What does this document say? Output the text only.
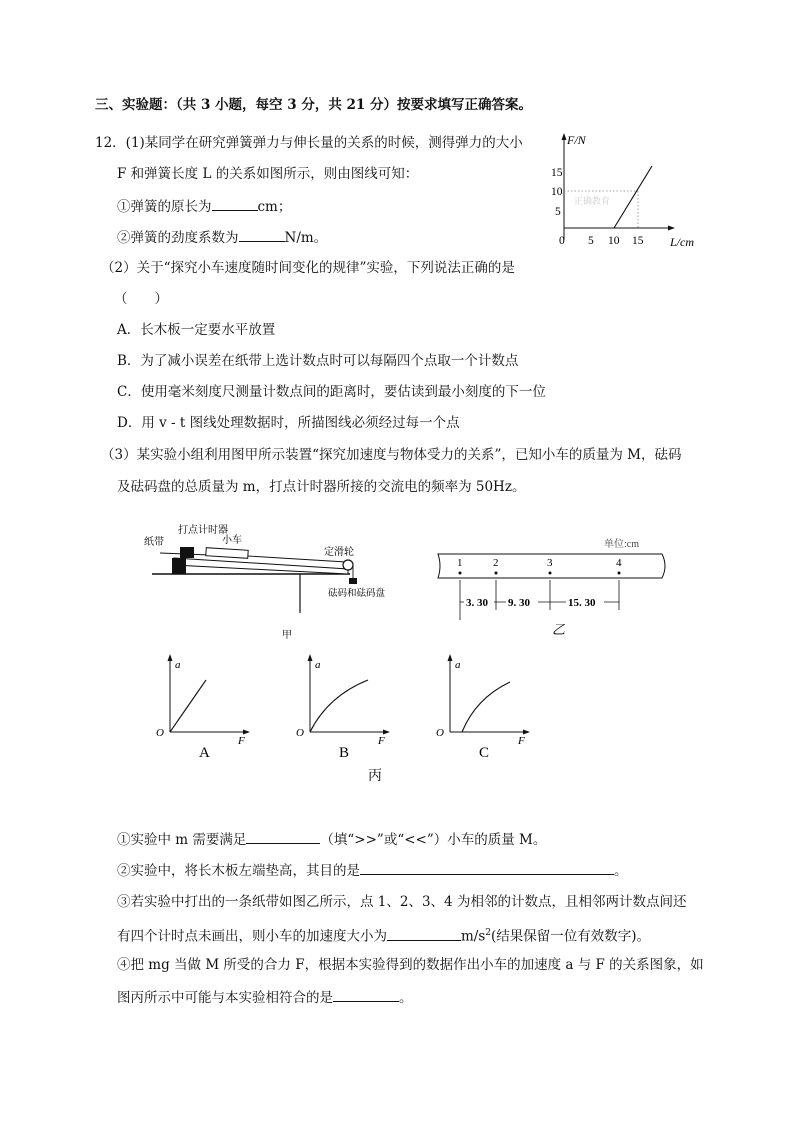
三、实验题：（共 3 小题，每空 3 分，共 21 分）按要求填写正确答案。
12．(1)某同学在研究弹簧弹力与伸长量的关系的时候，测得弹力的大小
F 和弹簧长度 L 的关系如图所示，则由图线可知：
①弹簧的原长为	cm；
②弹簧的劲度系数为	N/m。
F/N
L/cm
15
10
5
0 5 10 15
正确教育
（2）关于“探究小车速度随时间变化的规律”实验，下列说法正确的是
（　　）
A．长木板一定要水平放置
B．为了减小误差在纸带上选计数点时可以每隔四个点取一个计数点
C．使用毫米刻度尺测量计数点间的距离时，要估读到最小刻度的下一位
D．用 v - t 图线处理数据时，所描图线必须经过每一个点
（3）某实验小组利用图甲所示装置“探究加速度与物体受力的关系”，已知小车的质量为 M，砝码
及砝码盘的总质量为 m，打点计时器所接的交流电的频率为 50Hz。
打点计时器
纸带	小车
定滑轮
砝码和砝码盘
甲
单位:cm
1	2	3	4
3. 30 9. 30	15. 30
乙
a
O
F
A
a
O
F
B
a
O
F
C
丙
①实验中 m 需要满足	（填“>>”或“<<”）小车的质量 M。
②实验中，将长木板左端垫高，其目的是	。
③若实验中打出的一条纸带如图乙所示，点 1、2、3、4 为相邻的计数点，且相邻两计数点间还
有四个计时点未画出，则小车的加速度大小为	$m/s^2$(结果保留一位有效数字)。
④把 mg 当做 M 所受的合力 F，根据本实验得到的数据作出小车的加速度 a 与 F 的关系图象，如
图丙所示中可能与本实验相符合的是	。
